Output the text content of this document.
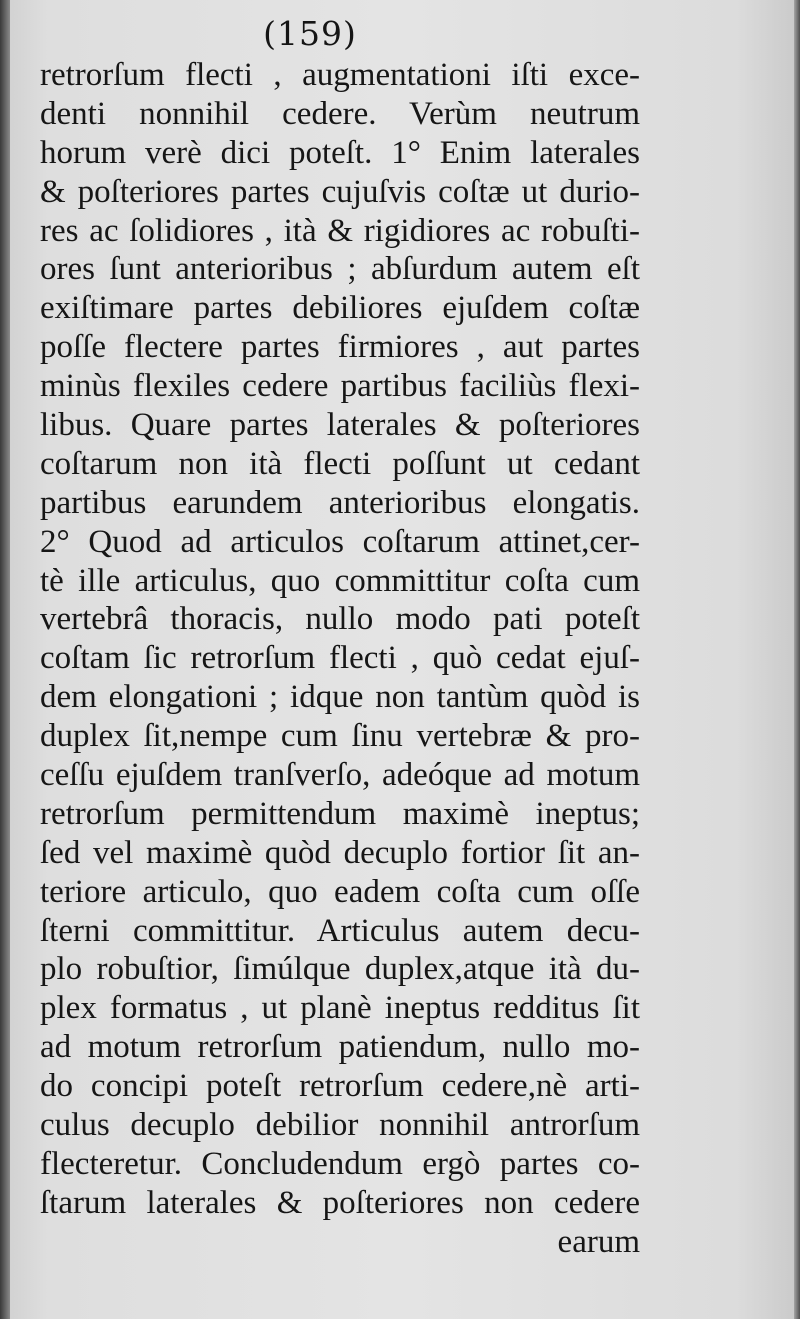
(159)
retrorſum flecti , augmentationi iſti exce-
denti nonnihil cedere. Verùm neutrum
horum verè dici poteſt. 1° Enim laterales
& poſteriores partes cujuſvis coſtæ ut durio-
res ac ſolidiores , ità & rigidiores ac robuſti-
ores ſunt anterioribus ; abſurdum autem eſt
exiſtimare partes debiliores ejuſdem coſtæ
poſſe flectere partes firmiores , aut partes
minùs flexiles cedere partibus faciliùs flexi-
libus. Quare partes laterales & poſteriores
coſtarum non ità flecti poſſunt ut cedant
partibus earundem anterioribus elongatis.
2° Quod ad articulos coſtarum attinet,cer-
tè ille articulus, quo committitur coſta cum
vertebrâ thoracis, nullo modo pati poteſt
coſtam ſic retrorſum flecti , quò cedat ejuſ-
dem elongationi ; idque non tantùm quòd is
duplex ſit,nempe cum ſinu vertebræ & pro-
ceſſu ejuſdem tranſverſo, adeóque ad motum
retrorſum permittendum maximè ineptus;
ſed vel maximè quòd decuplo fortior ſit an-
teriore articulo, quo eadem coſta cum oſſe
ſterni committitur. Articulus autem decu-
plo robuſtior, ſimúlque duplex,atque ità du-
plex formatus , ut planè ineptus redditus ſit
ad motum retrorſum patiendum, nullo mo-
do concipi poteſt retrorſum cedere,nè arti-
culus decuplo debilior nonnihil antrorſum
flecteretur. Concludendum ergò partes co-
ſtarum laterales & poſteriores non cedere
earum
